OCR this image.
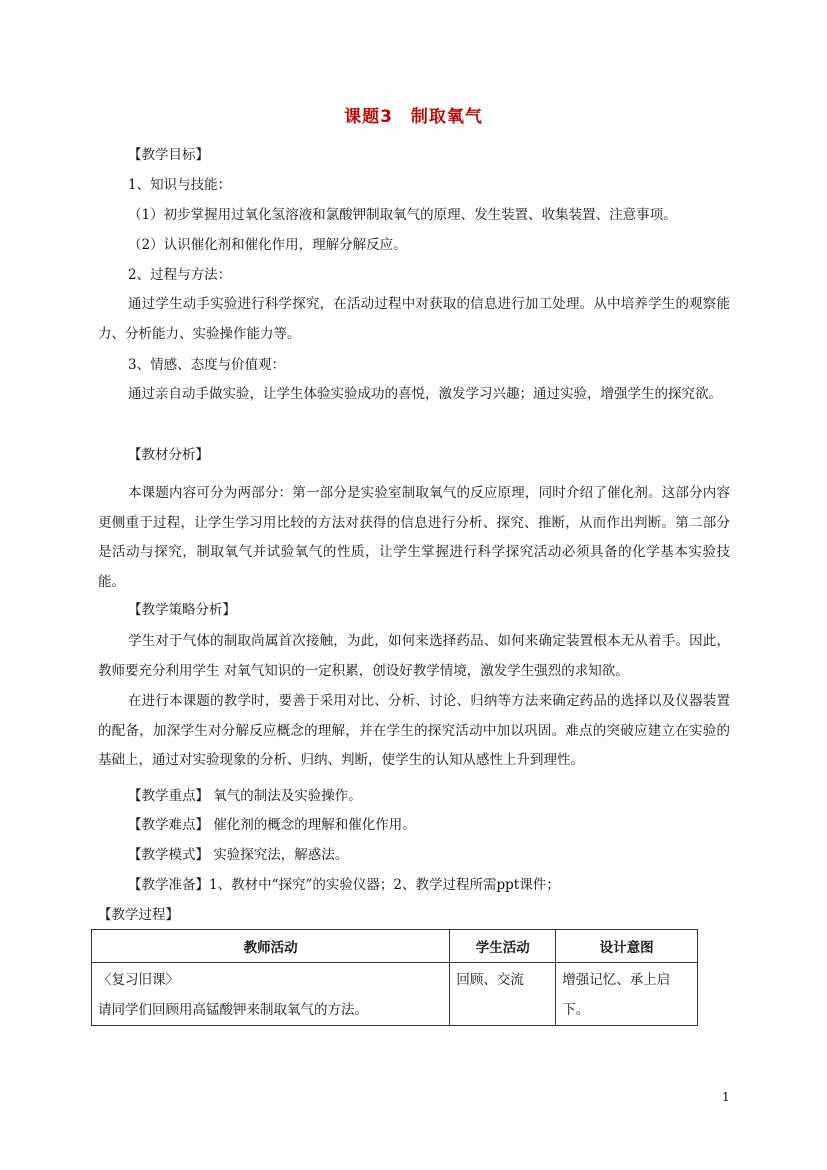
课题3　制取氧气
【教学目标】
1、知识与技能：
（1）初步掌握用过氧化氢溶液和氯酸钾制取氧气的原理、发生装置、收集装置、注意事项。
（2）认识催化剂和催化作用，理解分解反应。
2、过程与方法：
通过学生动手实验进行科学探究，在活动过程中对获取的信息进行加工处理。从中培养学生的观察能力、分析能力、实验操作能力等。
3、情感、态度与价值观：
通过亲自动手做实验，让学生体验实验成功的喜悦，激发学习兴趣；通过实验，增强学生的探究欲。
【教材分析】
本课题内容可分为两部分：第一部分是实验室制取氧气的反应原理，同时介绍了催化剂。这部分内容更侧重于过程，让学生学习用比较的方法对获得的信息进行分析、探究、推断，从而作出判断。第二部分是活动与探究，制取氧气并试验氧气的性质，让学生掌握进行科学探究活动必须具备的化学基本实验技能。
【教学策略分析】
学生对于气体的制取尚属首次接触，为此，如何来选择药品、如何来确定装置根本无从着手。因此，教师要充分利用学生 对氧气知识的一定积累，创设好教学情境，激发学生强烈的求知欲。
在进行本课题的教学时，要善于采用对比、分析、讨论、归纳等方法来确定药品的选择以及仪器装置的配备，加深学生对分解反应概念的理解，并在学生的探究活动中加以巩固。难点的突破应建立在实验的基础上，通过对实验现象的分析、归纳、判断，使学生的认知从感性上升到理性。
【教学重点】 氧气的制法及实验操作。
【教学难点】 催化剂的概念的理解和催化作用。
【教学模式】 实验探究法，解惑法。
【教学准备】1、教材中“探究”的实验仪器；2、教学过程所需ppt课件；
【教学过程】
教师活动	学生活动	设计意图

〈复习旧课〉
请同学们回顾用高锰酸钾来制取氧气的方法。	回顾、交流	增强记忆、承上启下。
1
